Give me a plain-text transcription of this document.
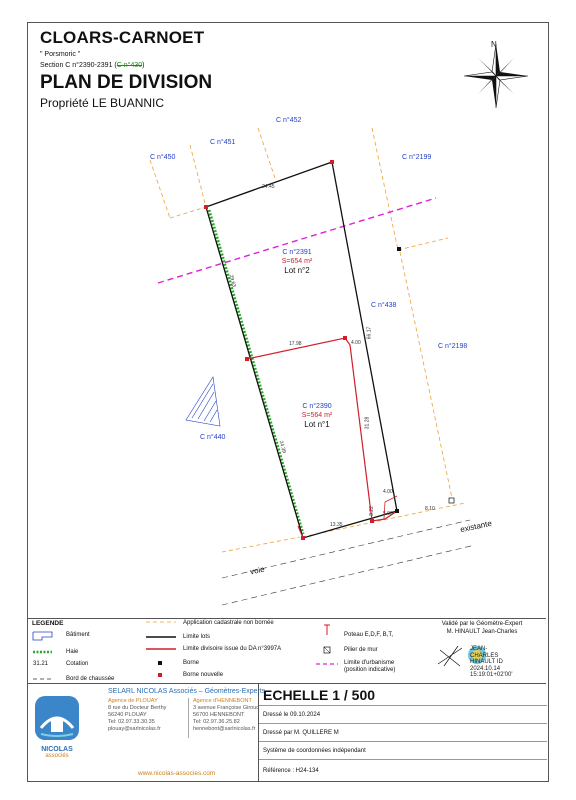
CLOARS-CARNOET
" Porsmoric "
Section C n°2390-2391 (C n°430)
PLAN DE DIVISION
Propriété LE BUANNIC
C n°450
C n°451
C n°452
C n°2199
C n°438
C n°2198
C n°440
C n°2391
S=654 m²
Lot n°2
C n°2390
S=564 m²
Lot n°1
24.45
29.63
24.39
66.17
17.98	4.00
31.28
13.35
3.22 5.00
4.00
8.10
existante
voie
LEGENDE
Bâtiment
Haie
31.21	Cotation
Bord de chaussée
Application cadastrale non bornée
Limite lots
Limite divisoire issue du DA n°3997A
Borne
Borne nouvelle
Poteau E,D,F, B,T,
Pilier de mur
Limite d'urbanisme
(position indicative)
Validé par le Géomètre-Expert
M. HINAULT Jean-Charles
JEAN-
CHARLES
HINAULT ID
2024.10.14
15:19:01+02'00'
NICOLAS
associés
SELARL NICOLAS Associés – Géomètres-Experts
Agence de PLOUAY
8 rue du Docteur Berthy
56240 PLOUAY
Tel: 02.97.33.30.35
plouay@sarlnicolas.fr
Agence d'HENNEBONT
3 avenue Françoise Giroud
56700 HENNEBONT
Tel: 02.97.36.25.82
hennebont@sarlnicolas.fr
www.nicolas-associes.com
ECHELLE 1 / 500
Dressé le 09.10.2024
Dressé par M. QUILLERE M
Système de coordonnées indépendant
Référence : H24-134
N
